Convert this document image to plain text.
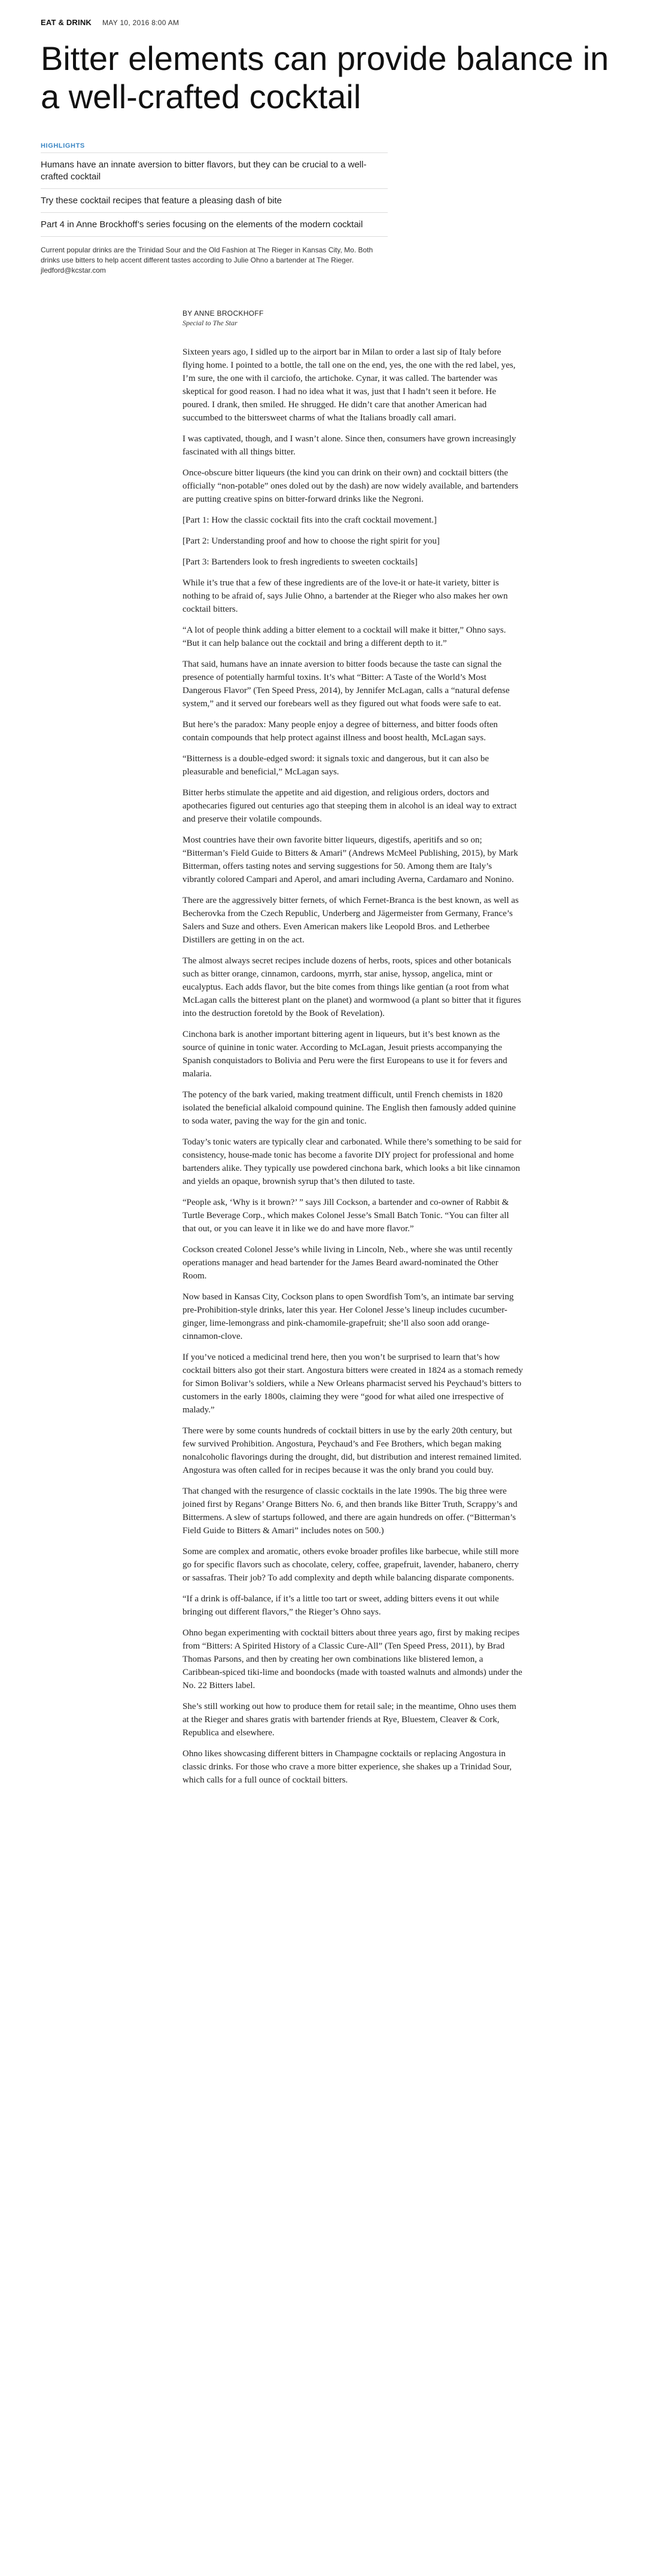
EAT & DRINK MAY 10, 2016 8:00 AM
Bitter elements can provide balance in a well-crafted cocktail
HIGHLIGHTS
Humans have an innate aversion to bitter flavors, but they can be crucial to a well-crafted cocktail
Try these cocktail recipes that feature a pleasing dash of bite
Part 4 in Anne Brockhoff’s series focusing on the elements of the modern cocktail
Current popular drinks are the Trinidad Sour and the Old Fashion at The Rieger in Kansas City, Mo. Both drinks use bitters to help accent different tastes according to Julie Ohno a bartender at The Rieger. jledford@kcstar.com
BY ANNE BROCKHOFF
Special to The Star

Sixteen years ago, I sidled up to the airport bar in Milan to order a last sip of Italy before flying home. I pointed to a bottle, the tall one on the end, yes, the one with the red label, yes, I’m sure, the one with il carciofo, the artichoke. Cynar, it was called. The bartender was skeptical for good reason. I had no idea what it was, just that I hadn’t seen it before. He poured. I drank, then smiled. He shrugged. He didn’t care that another American had succumbed to the bittersweet charms of what the Italians broadly call amari.

I was captivated, though, and I wasn’t alone. Since then, consumers have grown increasingly fascinated with all things bitter.

Once-obscure bitter liqueurs (the kind you can drink on their own) and cocktail bitters (the officially “non-potable” ones doled out by the dash) are now widely available, and bartenders are putting creative spins on bitter-forward drinks like the Negroni.

[Part 1: How the classic cocktail fits into the craft cocktail movement.]

[Part 2: Understanding proof and how to choose the right spirit for you]

[Part 3: Bartenders look to fresh ingredients to sweeten cocktails]

While it’s true that a few of these ingredients are of the love-it or hate-it variety, bitter is nothing to be afraid of, says Julie Ohno, a bartender at the Rieger who also makes her own cocktail bitters.

“A lot of people think adding a bitter element to a cocktail will make it bitter,” Ohno says. “But it can help balance out the cocktail and bring a different depth to it.”

That said, humans have an innate aversion to bitter foods because the taste can signal the presence of potentially harmful toxins. It’s what “Bitter: A Taste of the World’s Most Dangerous Flavor” (Ten Speed Press, 2014), by Jennifer McLagan, calls a “natural defense system,” and it served our forebears well as they figured out what foods were safe to eat.

But here’s the paradox: Many people enjoy a degree of bitterness, and bitter foods often contain compounds that help protect against illness and boost health, McLagan says.

“Bitterness is a double-edged sword: it signals toxic and dangerous, but it can also be pleasurable and beneficial,” McLagan says.

Bitter herbs stimulate the appetite and aid digestion, and religious orders, doctors and apothecaries figured out centuries ago that steeping them in alcohol is an ideal way to extract and preserve their volatile compounds.

Most countries have their own favorite bitter liqueurs, digestifs, aperitifs and so on; “Bitterman’s Field Guide to Bitters & Amari” (Andrews McMeel Publishing, 2015), by Mark Bitterman, offers tasting notes and serving suggestions for 50. Among them are Italy’s vibrantly colored Campari and Aperol, and amari including Averna, Cardamaro and Nonino.

There are the aggressively bitter fernets, of which Fernet-Branca is the best known, as well as Becherovka from the Czech Republic, Underberg and Jägermeister from Germany, France’s Salers and Suze and others. Even American makers like Leopold Bros. and Letherbee Distillers are getting in on the act.

The almost always secret recipes include dozens of herbs, roots, spices and other botanicals such as bitter orange, cinnamon, cardoons, myrrh, star anise, hyssop, angelica, mint or eucalyptus. Each adds flavor, but the bite comes from things like gentian (a root from what McLagan calls the bitterest plant on the planet) and wormwood (a plant so bitter that it figures into the destruction foretold by the Book of Revelation).

Cinchona bark is another important bittering agent in liqueurs, but it’s best known as the source of quinine in tonic water. According to McLagan, Jesuit priests accompanying the Spanish conquistadors to Bolivia and Peru were the first Europeans to use it for fevers and malaria.

The potency of the bark varied, making treatment difficult, until French chemists in 1820 isolated the beneficial alkaloid compound quinine. The English then famously added quinine to soda water, paving the way for the gin and tonic.

Today’s tonic waters are typically clear and carbonated. While there’s something to be said for consistency, house-made tonic has become a favorite DIY project for professional and home bartenders alike. They typically use powdered cinchona bark, which looks a bit like cinnamon and yields an opaque, brownish syrup that’s then diluted to taste.

“People ask, ‘Why is it brown?’ ” says Jill Cockson, a bartender and co-owner of Rabbit & Turtle Beverage Corp., which makes Colonel Jesse’s Small Batch Tonic. “You can filter all that out, or you can leave it in like we do and have more flavor.”

Cockson created Colonel Jesse’s while living in Lincoln, Neb., where she was until recently operations manager and head bartender for the James Beard award-nominated the Other Room.

Now based in Kansas City, Cockson plans to open Swordfish Tom’s, an intimate bar serving pre-Prohibition-style drinks, later this year. Her Colonel Jesse’s lineup includes cucumber-ginger, lime-lemongrass and pink-chamomile-grapefruit; she’ll also soon add orange-cinnamon-clove.

If you’ve noticed a medicinal trend here, then you won’t be surprised to learn that’s how cocktail bitters also got their start. Angostura bitters were created in 1824 as a stomach remedy for Simon Bolivar’s soldiers, while a New Orleans pharmacist served his Peychaud’s bitters to customers in the early 1800s, claiming they were “good for what ailed one irrespective of malady.”

There were by some counts hundreds of cocktail bitters in use by the early 20th century, but few survived Prohibition. Angostura, Peychaud’s and Fee Brothers, which began making nonalcoholic flavorings during the drought, did, but distribution and interest remained limited. Angostura was often called for in recipes because it was the only brand you could buy.

That changed with the resurgence of classic cocktails in the late 1990s. The big three were joined first by Regans’ Orange Bitters No. 6, and then brands like Bitter Truth, Scrappy’s and Bittermens. A slew of startups followed, and there are again hundreds on offer. (“Bitterman’s Field Guide to Bitters & Amari” includes notes on 500.)

Some are complex and aromatic, others evoke broader profiles like barbecue, while still more go for specific flavors such as chocolate, celery, coffee, grapefruit, lavender, habanero, cherry or sassafras. Their job? To add complexity and depth while balancing disparate components.

“If a drink is off-balance, if it’s a little too tart or sweet, adding bitters evens it out while bringing out different flavors,” the Rieger’s Ohno says.

Ohno began experimenting with cocktail bitters about three years ago, first by making recipes from “Bitters: A Spirited History of a Classic Cure-All” (Ten Speed Press, 2011), by Brad Thomas Parsons, and then by creating her own combinations like blistered lemon, a Caribbean-spiced tiki-lime and boondocks (made with toasted walnuts and almonds) under the No. 22 Bitters label.

She’s still working out how to produce them for retail sale; in the meantime, Ohno uses them at the Rieger and shares gratis with bartender friends at Rye, Bluestem, Cleaver & Cork, Republica and elsewhere.

Ohno likes showcasing different bitters in Champagne cocktails or replacing Angostura in classic drinks. For those who crave a more bitter experience, she shakes up a Trinidad Sour, which calls for a full ounce of cocktail bitters.
